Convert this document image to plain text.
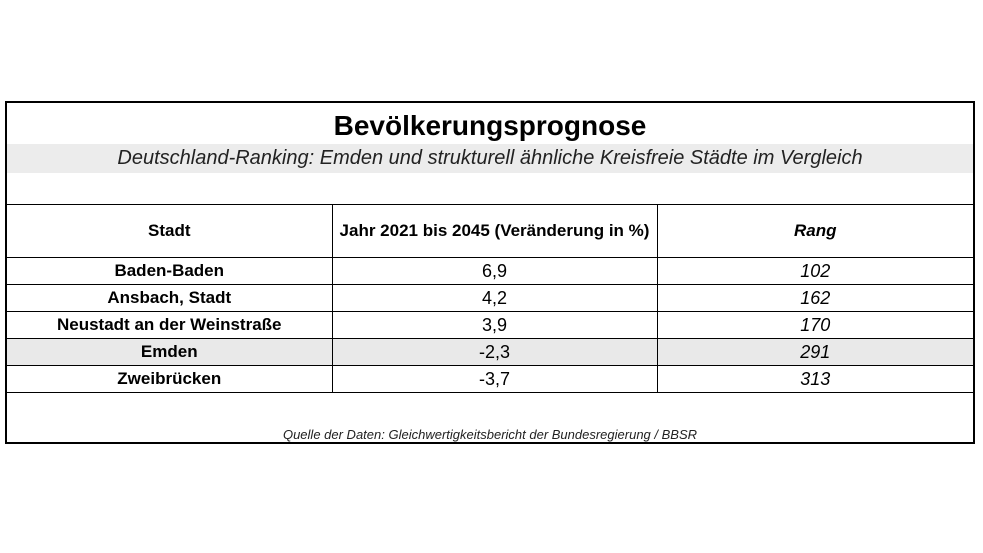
Bevölkerungsprognose
Deutschland-Ranking: Emden und strukturell ähnliche Kreisfreie Städte im Vergleich
Stadt	Jahr 2021 bis 2045 (Veränderung in %)	Rang
Baden-Baden	6,9	102
Ansbach, Stadt	4,2	162
Neustadt an der Weinstraße	3,9	170
Emden	-2,3	291
Zweibrücken	-3,7	313
Quelle der Daten: Gleichwertigkeitsbericht der Bundesregierung / BBSR
